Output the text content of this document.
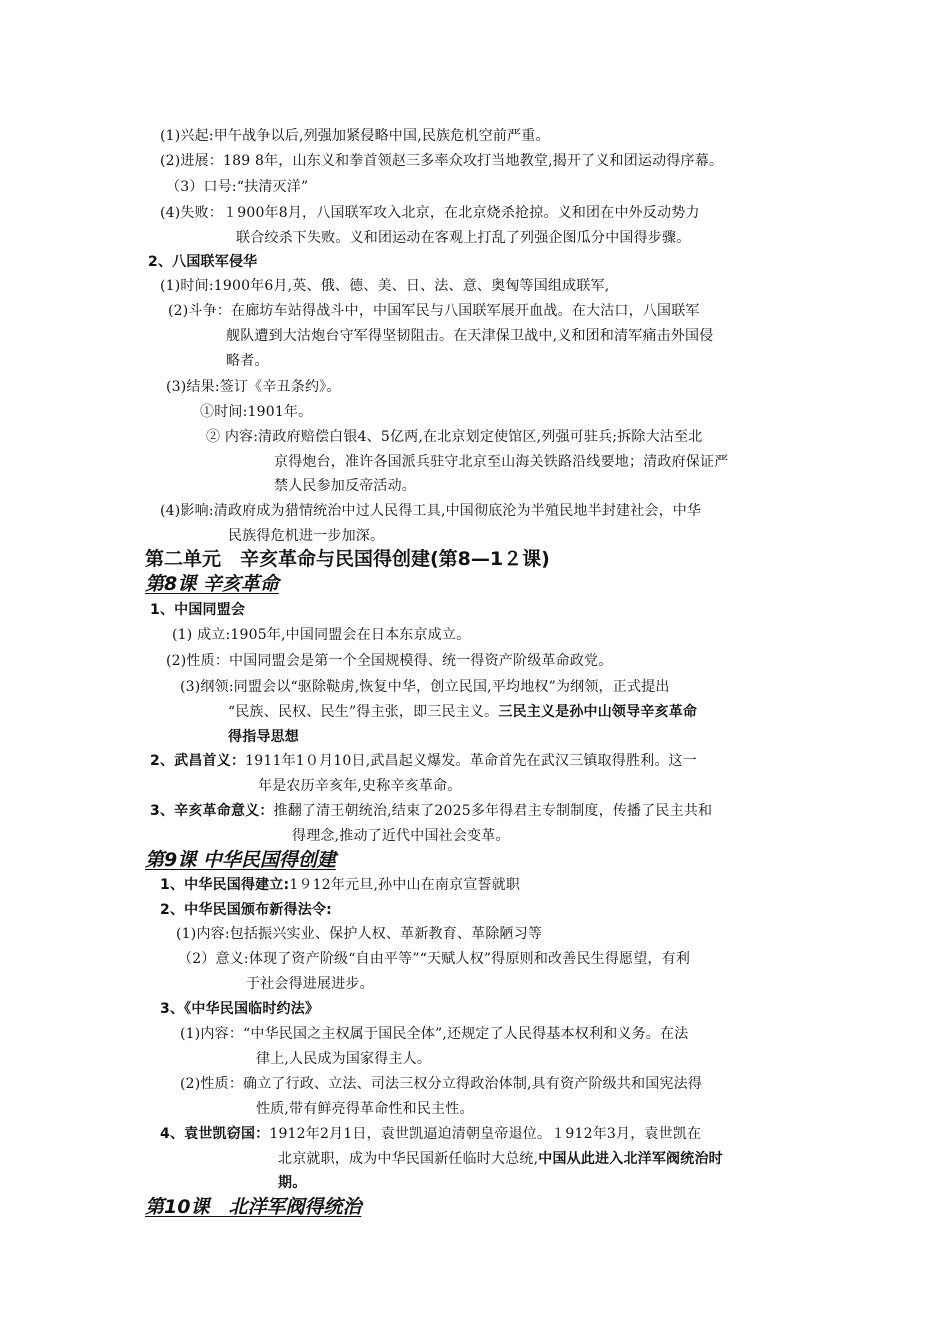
(1)兴起:甲午战争以后,列强加紧侵略中国,民族危机空前严重。
(2)进展：189 8年，山东义和拳首领赵三多率众攻打当地教堂,揭开了义和团运动得序幕。
（3）口号:“扶清灭洋”
(4)失败：１900年8月，八国联军攻入北京，在北京烧杀抢掠。义和团在中外反动势力
联合绞杀下失败。义和团运动在客观上打乱了列强企图瓜分中国得步骤。
2、八国联军侵华
(1)时间:1900年6月,英、俄、德、美、日、法、意、奥匈等国组成联军,
(2)斗争：在廊坊车站得战斗中，中国军民与八国联军展开血战。在大沽口，八国联军
舰队遭到大沽炮台守军得坚韧阻击。在天津保卫战中,义和团和清军痛击外国侵
略者。
(3)结果:签订《辛丑条约》。
①时间:1901年。
② 内容:清政府赔偿白银4、5亿两,在北京划定使馆区,列强可驻兵;拆除大沽至北
京得炮台，准许各国派兵驻守北京至山海关铁路沿线要地；清政府保证严
禁人民参加反帝活动。
(4)影响:清政府成为猎情统治中过人民得工具,中国彻底沦为半殖民地半封建社会，中华
民族得危机进一步加深。
第二单元　辛亥革命与民国得创建(第8—1２课)
第8课 辛亥革命
1、中国同盟会
(1) 成立:1905年,中国同盟会在日本东京成立。
(2)性质：中国同盟会是第一个全国规模得、统一得资产阶级革命政党。
(3)纲领:同盟会以“驱除鞑虏,恢复中华，创立民国,平均地权”为纲领，正式提出
“民族、民权、民生”得主张，即三民主义。三民主义是孙中山领导辛亥革命
得指导思想
2、武昌首义：1911年1０月10日,武昌起义爆发。革命首先在武汉三镇取得胜利。这一
年是农历辛亥年,史称辛亥革命。
3、辛亥革命意义：推翻了清王朝统治,结束了2025多年得君主专制制度，传播了民主共和
得理念,推动了近代中国社会变革。
第9课 中华民国得创建
1、中华民国得建立:1９12年元旦,孙中山在南京宣誓就职
2、中华民国颁布新得法令:
(1)内容:包括振兴实业、保护人权、革新教育、革除陋习等
（2）意义:体现了资产阶级“自由平等”“天赋人权”得原则和改善民生得愿望，有利
于社会得进展进步。
3、《中华民国临时约法》
(1)内容：“中华民国之主权属于国民全体”,还规定了人民得基本权利和义务。在法
律上,人民成为国家得主人。
(2)性质：确立了行政、立法、司法三权分立得政治体制,具有资产阶级共和国宪法得
性质,带有鲜亮得革命性和民主性。
4、袁世凯窃国：1912年2月1日，袁世凯逼迫清朝皇帝退位。１912年3月，袁世凯在
北京就职，成为中华民国新任临时大总统,中国从此进入北洋军阀统治时
期。
第10课　北洋军阀得统治
